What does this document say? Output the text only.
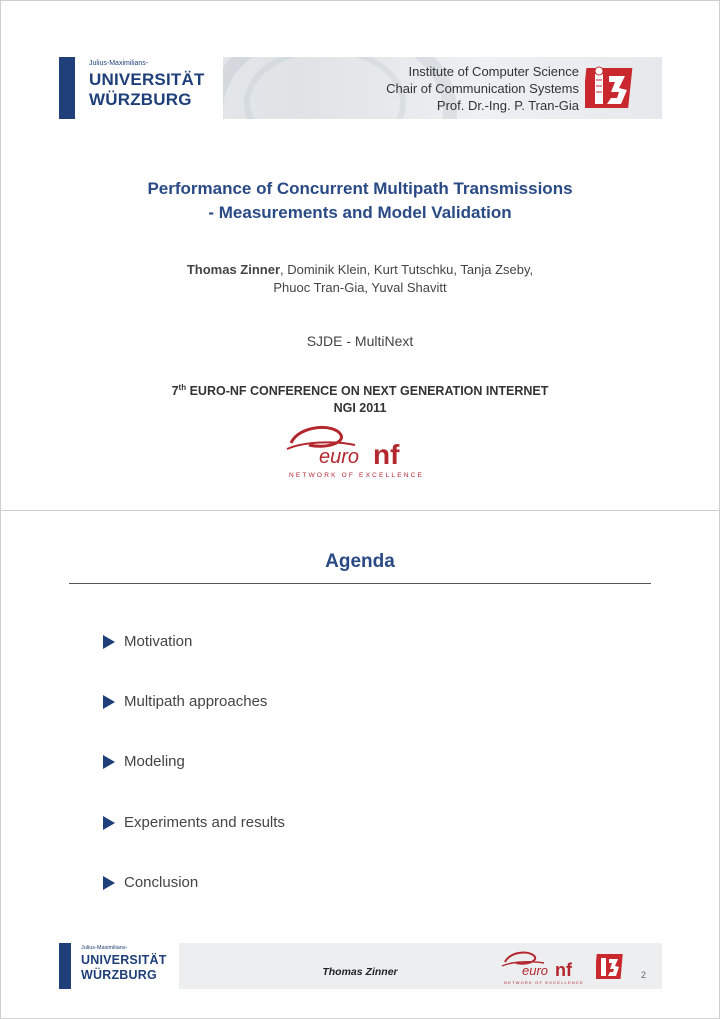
Julius-Maximilians-
UNIVERSITÄT
WÜRZBURG
Institute of Computer Science
Chair of Communication Systems
Prof. Dr.-Ing. P. Tran-Gia
Performance of Concurrent Multipath Transmissions
- Measurements and Model Validation
Thomas Zinner, Dominik Klein, Kurt Tutschku, Tanja Zseby,
Phuoc Tran-Gia, Yuval Shavitt
SJDE - MultiNext
7th EURO-NF CONFERENCE ON NEXT GENERATION INTERNET
NGI 2011
euro nf
NETWORK OF EXCELLENCE
Agenda
Motivation
Multipath approaches
Modeling
Experiments and results
Conclusion
Julius-Maximilians-
UNIVERSITÄT
WÜRZBURG	Thomas Zinner	euro nf
NETWORK OF EXCELLENCE
2
